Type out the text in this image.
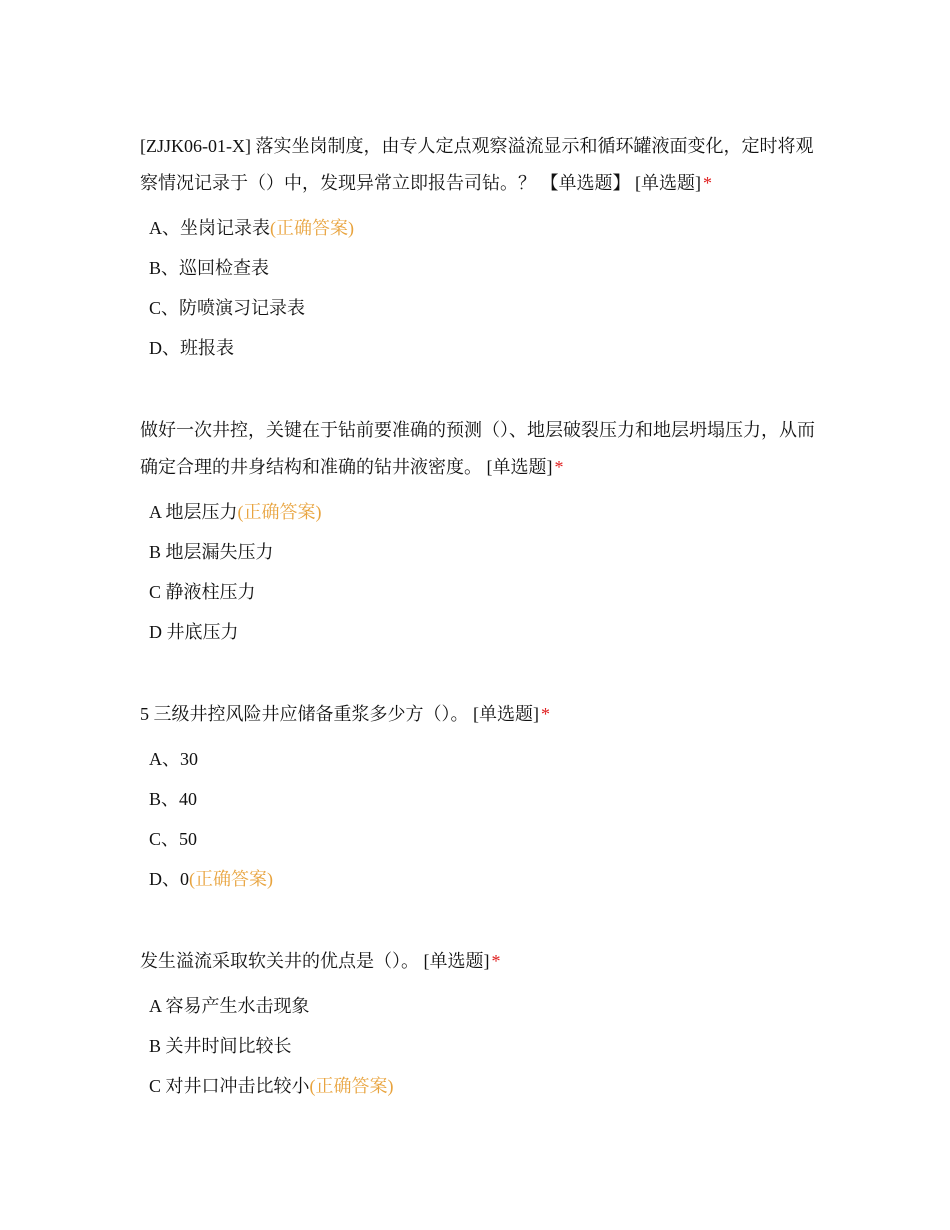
[ZJJK06-01-X] 落实坐岗制度，由专人定点观察溢流显示和循环罐液面变化，定时将观察情况记录于（）中，发现异常立即报告司钻。？ 【单选题】 [单选题] *

A、坐岗记录表(正确答案)
B、巡回检查表
C、防喷演习记录表
D、班报表

做好一次井控，关键在于钻前要准确的预测（）、地层破裂压力和地层坍塌压力，从而确定合理的井身结构和准确的钻井液密度。 [单选题] *

A 地层压力(正确答案)
B 地层漏失压力
C 静液柱压力
D 井底压力

5 三级井控风险井应储备重浆多少方（）。 [单选题] *

A、30
B、40
C、50
D、0(正确答案)

发生溢流采取软关井的优点是（）。 [单选题] *

A 容易产生水击现象
B 关井时间比较长
C 对井口冲击比较小(正确答案)
